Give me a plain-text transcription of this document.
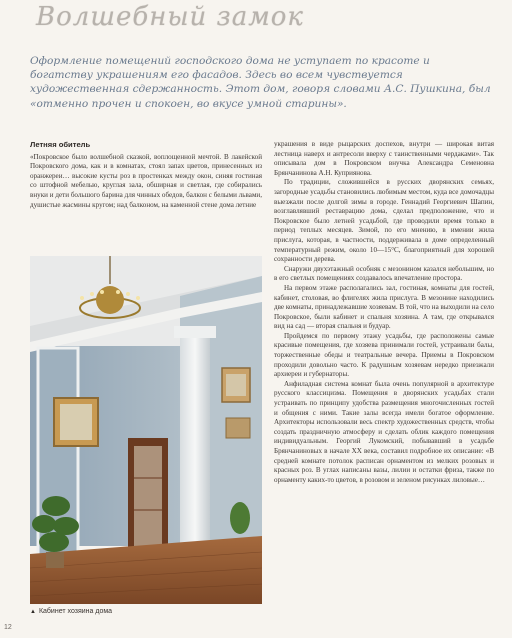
Волшебный замок

Оформление помещений господского дома не уступает по красоте и богатству украшениям его фасадов. Здесь во всем чувствуется художественная сдержанность. Этот дом, говоря словами А.С. Пушкина, был «отменно прочен и спокоен, во вкусе умной старины».

Летняя обитель

«Покровское было волшебной сказкой, воплощенной мечтой. В лакейской Покровского дома, как и в комнатах, стоял запах цветов, принесенных из оранжереи… высокие кусты роз в простенках между окон, синяя гостиная со штофной мебелью, круглая зала, обширная и светлая, где собирались внуки и дети большого барина для чинных обедов, балкон с белыми львами, душистые жасмины кругом; над балконом, на каменной стене дома летние

украшения в виде рыцарских доспехов, внутри — широкая витая лестница наверх и антресоли вверху с таинственными чердаками». Так описывала дом в Покровском внучка Александра Семеновна Брянчанинова А.Н. Куприянова.

По традиции, сложившейся в русских дворянских семьях, загородные усадьбы становились любимым местом, куда все домочадцы выезжали после долгой зимы в городе. Геннадий Георгиевич Шапин, возглавлявший реставрацию дома, сделал предположение, что и Покровское было летней усадьбой, где проводили время только в период теплых месяцев. Зимой, по его мнению, в имении жила прислуга, которая, в частности, поддерживала в доме определенный температурный режим, около 10—15°С, благоприятный для хорошей сохранности дерева.

Снаружи двухэтажный особняк с мезонином казался небольшим, но в его светлых помещениях создавалось впечатление простора.

На первом этаже располагались зал, гостиная, комнаты для гостей, кабинет, столовая, во флигелях жила прислуга. В мезонине находились две комнаты, принадлежавшие хозяевам. В той, что на выходили на село Покровское, были кабинет и спальня хозяина. А там, где открывался вид на сад — вторая спальня и будуар.

Пройдемся по первому этажу усадьбы, где расположены самые красивые помещения, где хозяева принимали гостей, устраивали балы, торжественные обеды и театральные вечера. Приемы в Покровском проходили довольно часто. К радушным хозяевам нередко приезжали архиереи и губернаторы.

Анфиладная система комнат была очень популярной в архитектуре русского классицизма. Помещения в дворянских усадьбах стали устраивать по принципу удобства размещения многочисленных гостей и общения с ними. Такие залы всегда имели богатое оформление. Архитекторы использовали весь спектр художественных средств, чтобы создать праздничную атмосферу и сделать облик каждого помещения индивидуальным. Георгий Лукомский, побывавший в усадьбе Брянчаниновых в начале XX века, составил подробное их описание: «В средней комнате потолок расписан орнаментом из мелких розовых и красных роз. В углах написаны вазы, лилии и остатки фриза, также по орнаменту каких-то цветов, в розовом и зеленом рисунках лиловые…

▲ Кабинет хозяина дома
12
